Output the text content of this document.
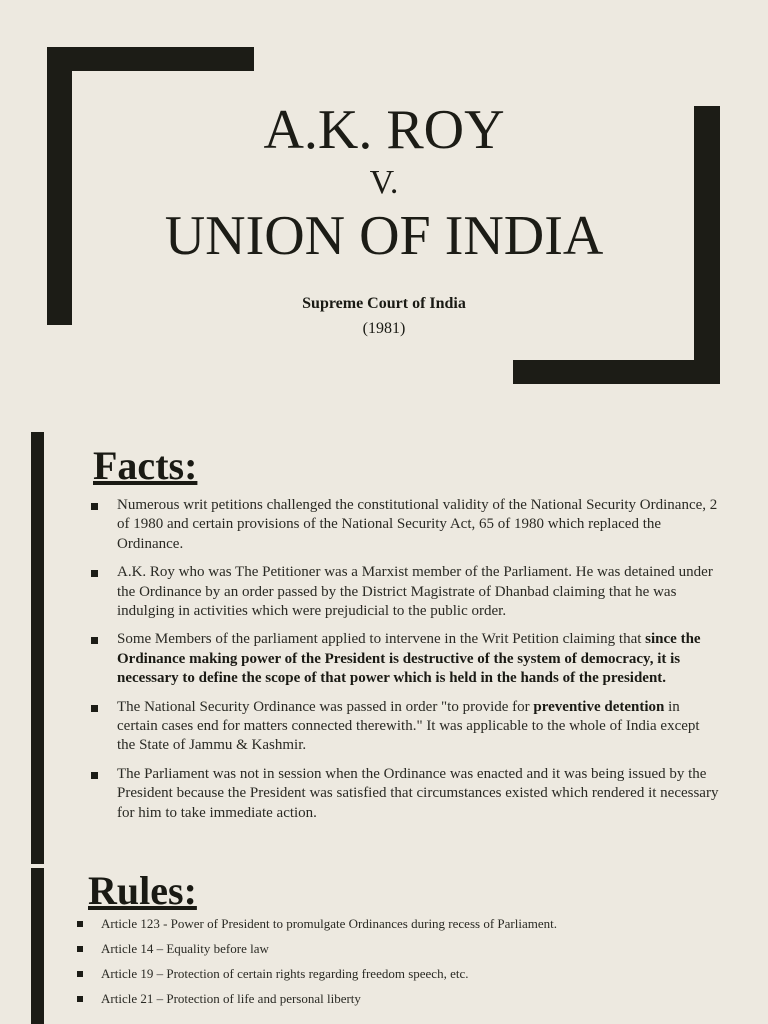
A.K. ROY
V.
UNION OF INDIA
Supreme Court of India
(1981)
Facts:
Numerous writ petitions challenged the constitutional validity of the National Security Ordinance, 2 of 1980 and certain provisions of the National Security Act, 65 of 1980 which replaced the Ordinance.
A.K. Roy who was The Petitioner was a Marxist member of the Parliament. He was detained under the Ordinance by an order passed by the District Magistrate of Dhanbad claiming that he was indulging in activities which were prejudicial to the public order.
Some Members of the parliament applied to intervene in the Writ Petition claiming that since the Ordinance making power of the President is destructive of the system of democracy, it is necessary to define the scope of that power which is held in the hands of the president.
The National Security Ordinance was passed in order "to provide for preventive detention in certain cases end for matters connected therewith." It was applicable to the whole of India except the State of Jammu & Kashmir.
The Parliament was not in session when the Ordinance was enacted and it was being issued by the President because the President was satisfied that circumstances existed which rendered it necessary for him to take immediate action.
Rules:
Article 123 - Power of President to promulgate Ordinances during recess of Parliament.
Article 14 – Equality before law
Article 19 – Protection of certain rights regarding freedom speech, etc.
Article 21 – Protection of life and personal liberty
